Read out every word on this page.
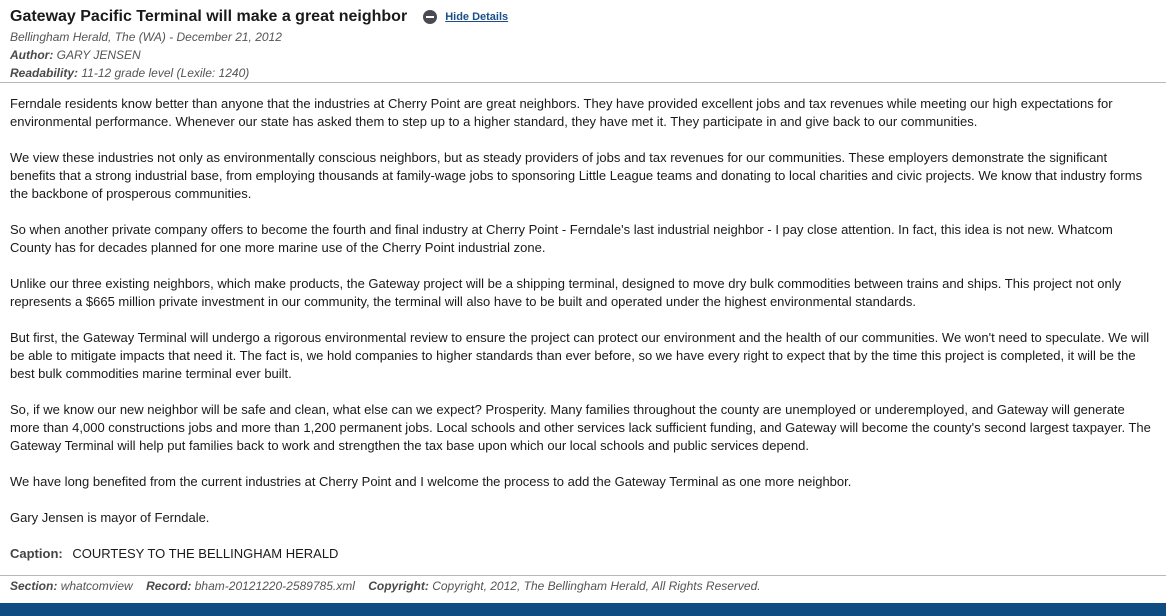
Gateway Pacific Terminal will make a great neighbor	Hide Details
Bellingham Herald, The (WA) - December 21, 2012
Author: GARY JENSEN
Readability: 11-12 grade level (Lexile: 1240)

Ferndale residents know better than anyone that the industries at Cherry Point are great neighbors. They have provided excellent jobs and tax revenues while meeting our high expectations for environmental performance. Whenever our state has asked them to step up to a higher standard, they have met it. They participate in and give back to our communities.

We view these industries not only as environmentally conscious neighbors, but as steady providers of jobs and tax revenues for our communities. These employers demonstrate the significant benefits that a strong industrial base, from employing thousands at family-wage jobs to sponsoring Little League teams and donating to local charities and civic projects. We know that industry forms the backbone of prosperous communities.

So when another private company offers to become the fourth and final industry at Cherry Point - Ferndale's last industrial neighbor - I pay close attention. In fact, this idea is not new. Whatcom County has for decades planned for one more marine use of the Cherry Point industrial zone.

Unlike our three existing neighbors, which make products, the Gateway project will be a shipping terminal, designed to move dry bulk commodities between trains and ships. This project not only represents a $665 million private investment in our community, the terminal will also have to be built and operated under the highest environmental standards.

But first, the Gateway Terminal will undergo a rigorous environmental review to ensure the project can protect our environment and the health of our communities. We won't need to speculate. We will be able to mitigate impacts that need it. The fact is, we hold companies to higher standards than ever before, so we have every right to expect that by the time this project is completed, it will be the best bulk commodities marine terminal ever built.

So, if we know our new neighbor will be safe and clean, what else can we expect? Prosperity. Many families throughout the county are unemployed or underemployed, and Gateway will generate more than 4,000 constructions jobs and more than 1,200 permanent jobs. Local schools and other services lack sufficient funding, and Gateway will become the county's second largest taxpayer. The Gateway Terminal will help put families back to work and strengthen the tax base upon which our local schools and public services depend.

We have long benefited from the current industries at Cherry Point and I welcome the process to add the Gateway Terminal as one more neighbor.

Gary Jensen is mayor of Ferndale.

Caption: COURTESY TO THE BELLINGHAM HERALD
Section: whatcomview Record: bham-20121220-2589785.xml Copyright: Copyright, 2012, The Bellingham Herald, All Rights Reserved.
